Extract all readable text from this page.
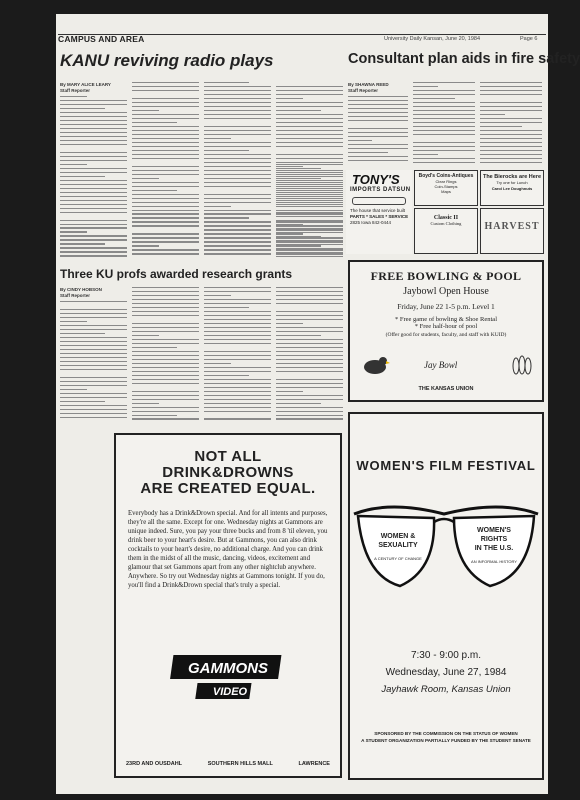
CAMPUS AND AREA	University Daily Kansan, June 20, 1984	Page 6
KANU reviving radio plays
By MARY ALICE LEARY
Staff Reporter
Consultant plan aids in fire safety
By SHAWNA REED
Staff Reporter
TONY'S
IMPORTS DATSUN
The house that service built
PARTS * SALES * SERVICE
2825 Iowa 842-0444
Boyd's Coins-Antiques
Clear Rings
Coin-Stamps
Maps
The Bierocks are Here
Try one for Lunch
Carol Lee Doughnuts
Classic II
Custom Clothing	HARVEST
Three KU profs awarded research grants
By CINDY HOBSON
Staff Reporter
FREE BOWLING & POOL
Jaybowl Open House
Friday, June 22 1-5 p.m. Level 1
* Free game of bowling & Shoe Rental
* Free half-hour of pool
(Offer good for students, faculty, and staff with KUID)
Jay Bowl
THE KANSAS UNION
NOT ALL
DRINK&DROWNS
ARE CREATED EQUAL.
Everybody has a Drink&Drown special. And for all intents and purposes, they're all the same. Except for one. Wednesday nights at Gammons are unique indeed. Sure, you pay your three bucks and from 8 'til eleven, you drink beer to your heart's desire. But at Gammons, you can also drink cocktails to your heart's desire, no additional charge. And you can drink them in the midst of all the music, dancing, videos, excitement and glamour that set Gammons apart from any other nightclub anywhere. Anywhere. So try out Wednesday nights at Gammons tonight. If you do, you'll find a Drink&Drown special that's truly a special.
GAMMONS
VIDEO
23RD AND OUSDAHL	SOUTHERN HILLS MALL	LAWRENCE
WOMEN'S FILM FESTIVAL
WOMEN &
SEXUALITY
A CENTURY OF CHANGE
WOMEN'S
RIGHTS
IN THE U.S.
AN INFORMAL HISTORY
7:30 - 9:00 p.m.
Wednesday, June 27, 1984
Jayhawk Room, Kansas Union
SPONSORED BY THE COMMISSION ON THE STATUS OF WOMEN
A STUDENT ORGANIZATION PARTIALLY FUNDED BY THE STUDENT SENATE
